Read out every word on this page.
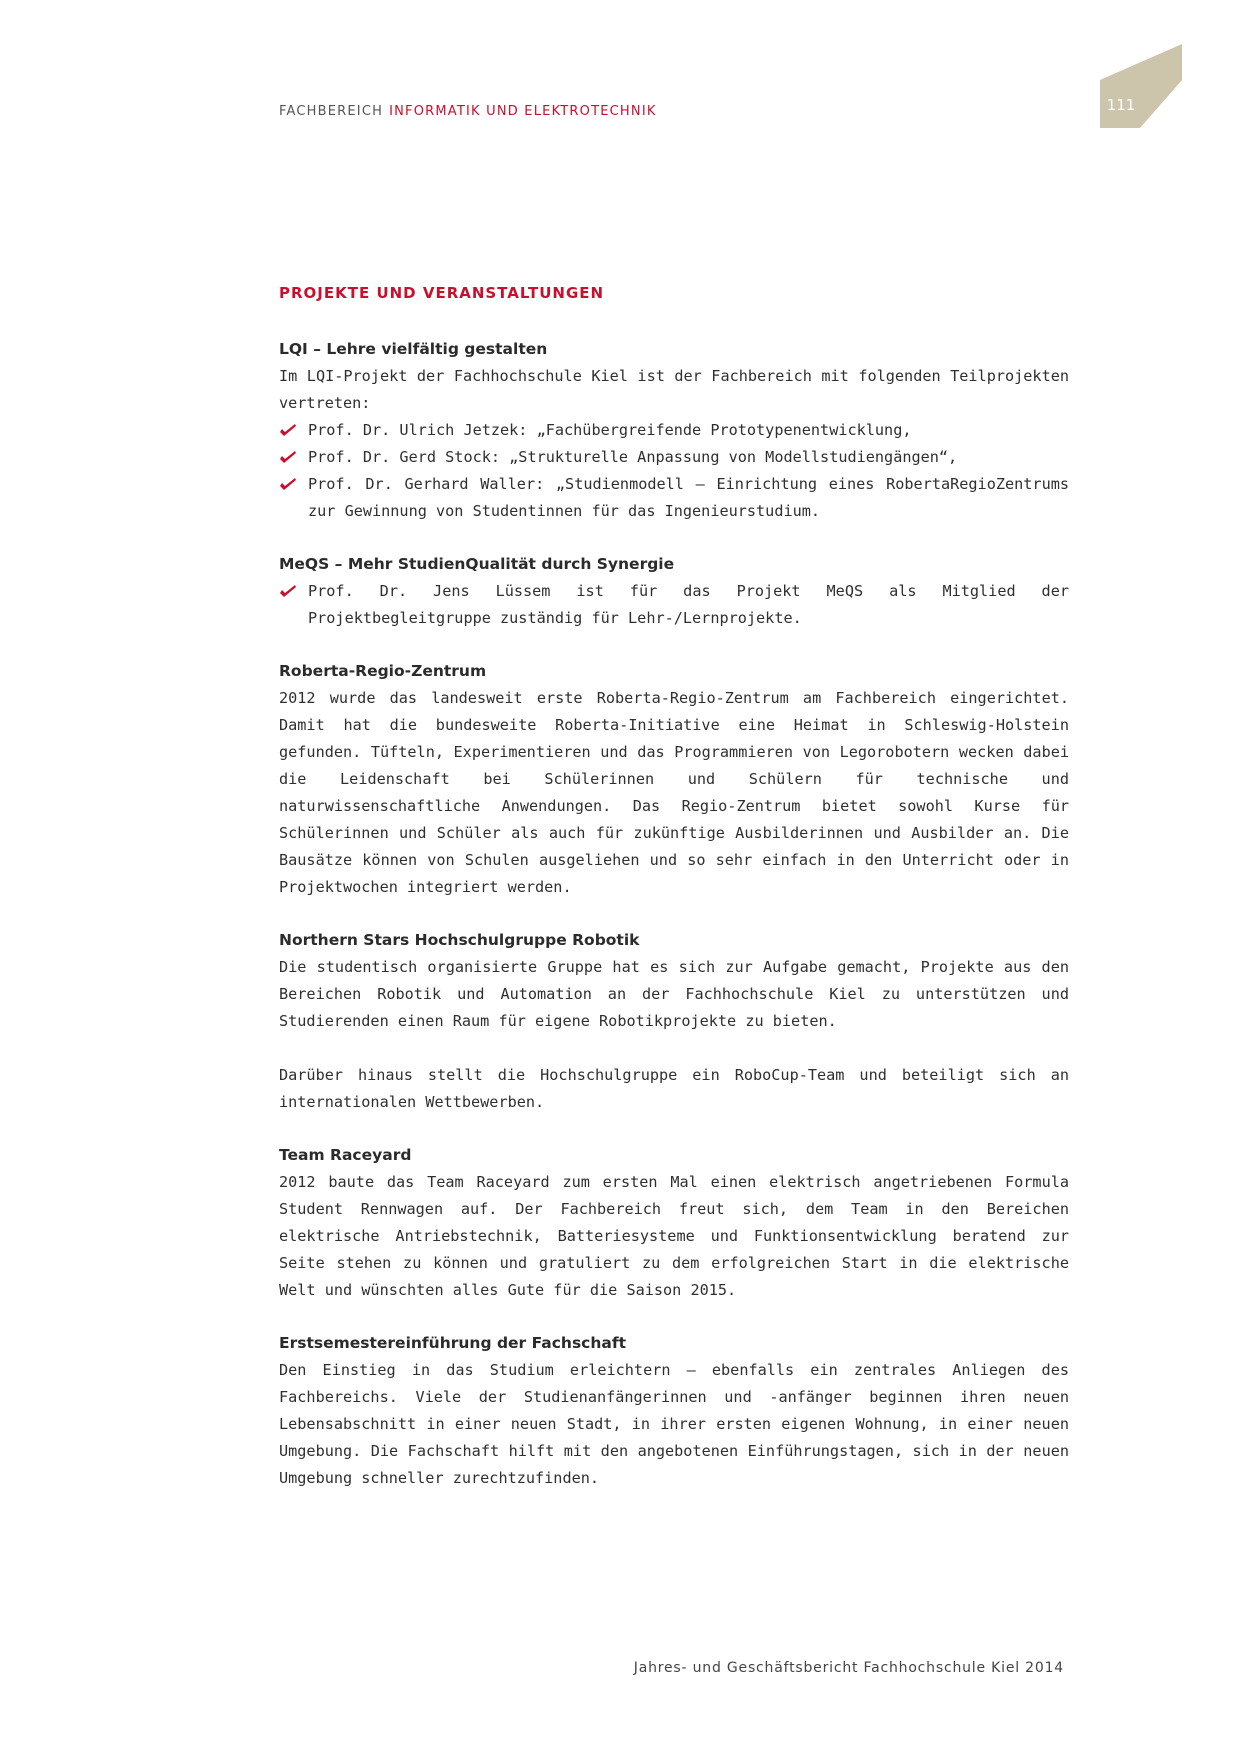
FACHBEREICH INFORMATIK UND ELEKTROTECHNIK	111
PROJEKTE UND VERANSTALTUNGEN
LQI – Lehre vielfältig gestalten

Im LQI-Projekt der Fachhochschule Kiel ist der Fachbereich mit folgenden Teilprojekten vertreten:

Prof. Dr. Ulrich Jetzek: „Fachübergreifende Prototypenentwicklung,
Prof. Dr. Gerd Stock: „Strukturelle Anpassung von Modellstudiengängen“,
Prof. Dr. Gerhard Waller: „Studienmodell – Einrichtung eines RobertaRegioZentrums zur Gewinnung von Studentinnen für das Ingenieurstudium.
MeQS – Mehr StudienQualität durch Synergie
Prof. Dr. Jens Lüssem ist für das Projekt MeQS als Mitglied der Projektbegleitgruppe zuständig für Lehr-/Lernprojekte.
Roberta-Regio-Zentrum

2012 wurde das landesweit erste Roberta-Regio-Zentrum am Fachbereich eingerichtet. Damit hat die bundesweite Roberta-Initiative eine Heimat in Schleswig-Holstein gefunden. Tüfteln, Experimentieren und das Programmieren von Legorobotern wecken dabei die Leidenschaft bei Schülerinnen und Schülern für technische und naturwissenschaftliche Anwendungen. Das Regio-Zentrum bietet sowohl Kurse für Schülerinnen und Schüler als auch für zukünftige Ausbilderinnen und Ausbilder an. Die Bausätze können von Schulen ausgeliehen und so sehr einfach in den Unterricht oder in Projektwochen integriert werden.

Northern Stars Hochschulgruppe Robotik

Die studentisch organisierte Gruppe hat es sich zur Aufgabe gemacht, Projekte aus den Bereichen Robotik und Automation an der Fachhochschule Kiel zu unterstützen und Studierenden einen Raum für eigene Robotikprojekte zu bieten.

Darüber hinaus stellt die Hochschulgruppe ein RoboCup-Team und beteiligt sich an internationalen Wettbewerben.

Team Raceyard

2012 baute das Team Raceyard zum ersten Mal einen elektrisch angetriebenen Formula Student Rennwagen auf. Der Fachbereich freut sich, dem Team in den Bereichen elektrische Antriebstechnik, Batteriesysteme und Funktionsentwicklung beratend zur Seite stehen zu können und gratuliert zu dem erfolgreichen Start in die elektrische Welt und wünschten alles Gute für die Saison 2015.

Erstsemestereinführung der Fachschaft

Den Einstieg in das Studium erleichtern – ebenfalls ein zentrales Anliegen des Fachbereichs. Viele der Studienanfängerinnen und -anfänger beginnen ihren neuen Lebensabschnitt in einer neuen Stadt, in ihrer ersten eigenen Wohnung, in einer neuen Umgebung. Die Fachschaft hilft mit den angebotenen Einführungstagen, sich in der neuen Umgebung schneller zurechtzufinden.

Jahres- und Geschäftsbericht Fachhochschule Kiel 2014
